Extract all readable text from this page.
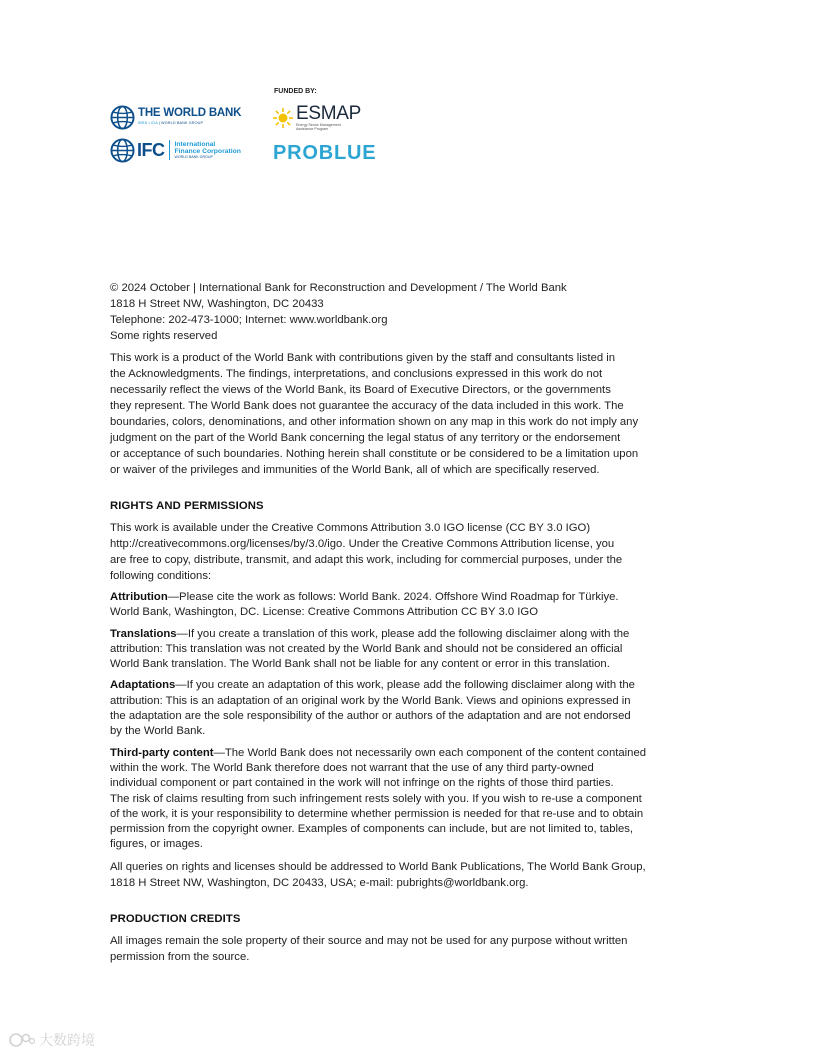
THE WORLD BANK
IBRD • IDA | WORLD BANK GROUP
IFC International
Finance Corporation
WORLD BANK GROUP
FUNDED BY:
ESMAP
Energy Sector Management
Assistance Program
PROBLUE

© 2024 October | International Bank for Reconstruction and Development / The World Bank

1818 H Street NW, Washington, DC 20433

Telephone: 202-473-1000; Internet: www.worldbank.org

Some rights reserved

This work is a product of the World Bank with contributions given by the staff and consultants listed in

the Acknowledgments. The findings, interpretations, and conclusions expressed in this work do not

necessarily reflect the views of the World Bank, its Board of Executive Directors, or the governments

they represent. The World Bank does not guarantee the accuracy of the data included in this work. The

boundaries, colors, denominations, and other information shown on any map in this work do not imply any

judgment on the part of the World Bank concerning the legal status of any territory or the endorsement

or acceptance of such boundaries. Nothing herein shall constitute or be considered to be a limitation upon

or waiver of the privileges and immunities of the World Bank, all of which are specifically reserved.

RIGHTS AND PERMISSIONS

This work is available under the Creative Commons Attribution 3.0 IGO license (CC BY 3.0 IGO)

http://creativecommons.org/licenses/by/3.0/igo. Under the Creative Commons Attribution license, you

are free to copy, distribute, transmit, and adapt this work, including for commercial purposes, under the

following conditions:

Attribution—Please cite the work as follows: World Bank. 2024. Offshore Wind Roadmap for Türkiye.

World Bank, Washington, DC. License: Creative Commons Attribution CC BY 3.0 IGO

Translations—If you create a translation of this work, please add the following disclaimer along with the

attribution: This translation was not created by the World Bank and should not be considered an official

World Bank translation. The World Bank shall not be liable for any content or error in this translation.

Adaptations—If you create an adaptation of this work, please add the following disclaimer along with the

attribution: This is an adaptation of an original work by the World Bank. Views and opinions expressed in

the adaptation are the sole responsibility of the author or authors of the adaptation and are not endorsed

by the World Bank.

Third-party content—The World Bank does not necessarily own each component of the content contained

within the work. The World Bank therefore does not warrant that the use of any third party-owned

individual component or part contained in the work will not infringe on the rights of those third parties.

The risk of claims resulting from such infringement rests solely with you. If you wish to re-use a component

of the work, it is your responsibility to determine whether permission is needed for that re-use and to obtain

permission from the copyright owner. Examples of components can include, but are not limited to, tables,

figures, or images.

All queries on rights and licenses should be addressed to World Bank Publications, The World Bank Group,

1818 H Street NW, Washington, DC 20433, USA; e-mail: pubrights@worldbank.org.

PRODUCTION CREDITS

All images remain the sole property of their source and may not be used for any purpose without written

permission from the source.

大数跨境
